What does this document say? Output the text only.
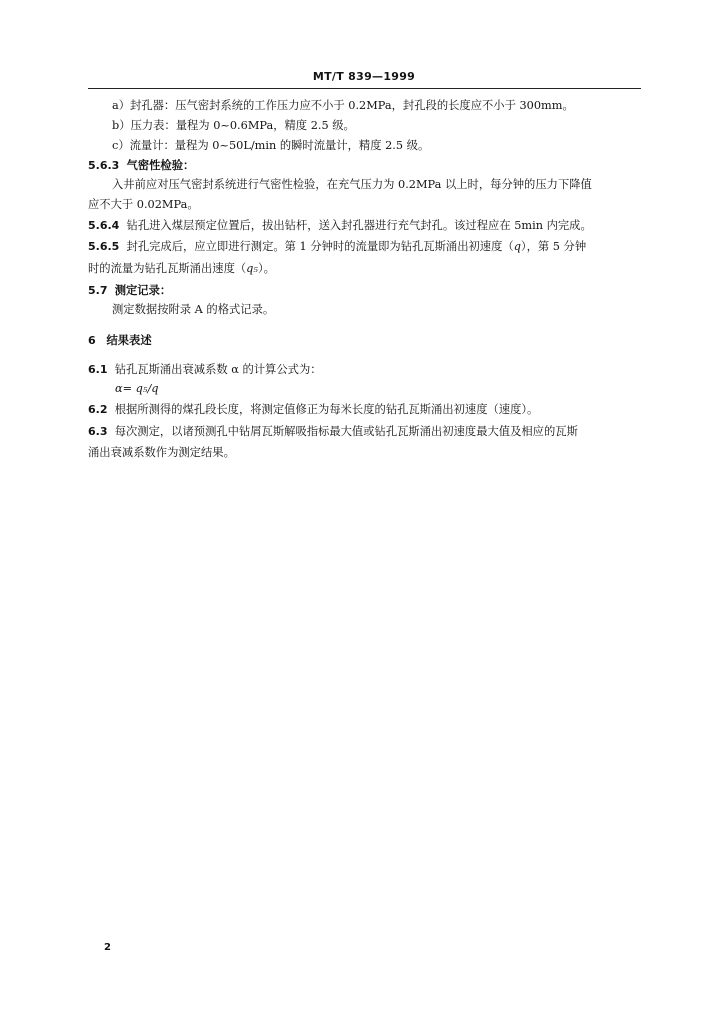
MT/T 839—1999
a）封孔器：压气密封系统的工作压力应不小于 0.2MPa，封孔段的长度应不小于 300mm。
b）压力表：量程为 0~0.6MPa，精度 2.5 级。
c）流量计：量程为 0~50L/min 的瞬时流量计，精度 2.5 级。
5.6.3 气密性检验：
入井前应对压气密封系统进行气密性检验，在充气压力为 0.2MPa 以上时，每分钟的压力下降值
应不大于 0.02MPa。
5.6.4 钻孔进入煤层预定位置后，拔出钻杆，送入封孔器进行充气封孔。该过程应在 5min 内完成。
5.6.5 封孔完成后，应立即进行测定。第 1 分钟时的流量即为钻孔瓦斯涌出初速度（q），第 5 分钟
时的流量为钻孔瓦斯涌出速度（q₅）。
5.7 测定记录：
测定数据按附录 A 的格式记录。
6 结果表述
6.1 钻孔瓦斯涌出衰减系数 α 的计算公式为：
α= q₅/q
6.2 根据所测得的煤孔段长度，将测定值修正为每米长度的钻孔瓦斯涌出初速度（速度）。
6.3 每次测定，以诸预测孔中钻屑瓦斯解吸指标最大值或钻孔瓦斯涌出初速度最大值及相应的瓦斯
涌出衰减系数作为测定结果。
2
